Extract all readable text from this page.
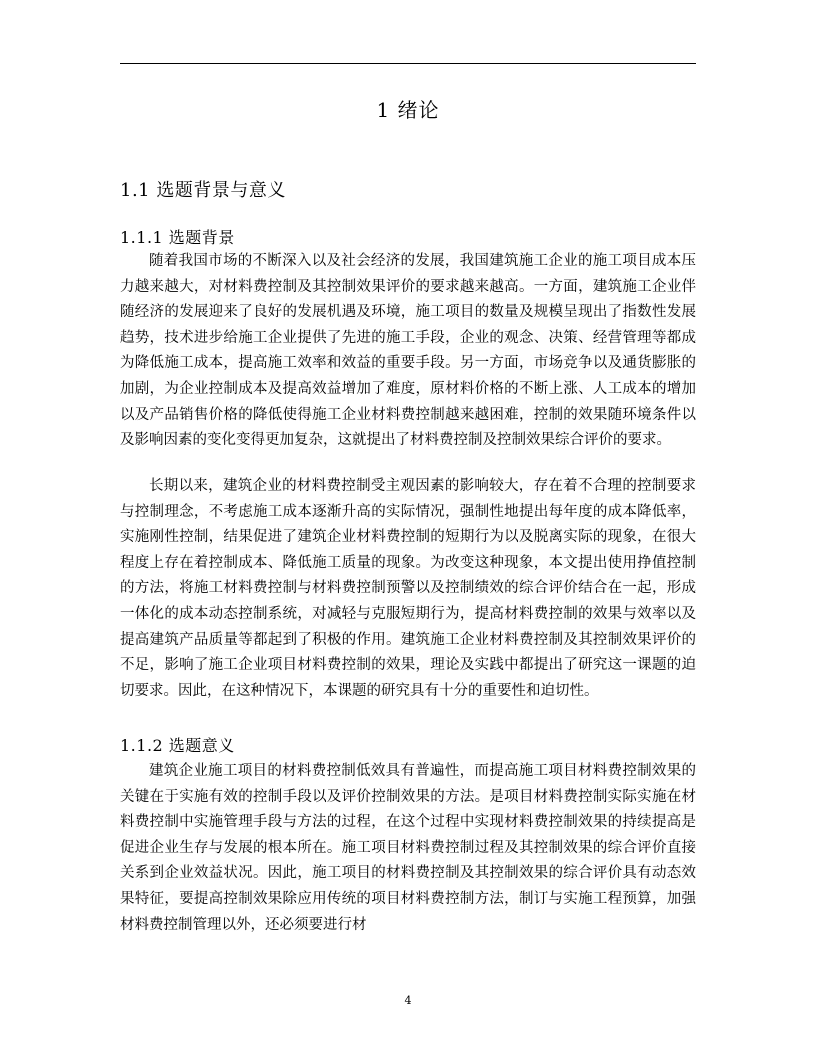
1 绪论
1.1 选题背景与意义
1.1.1 选题背景

随着我国市场的不断深入以及社会经济的发展，我国建筑施工企业的施工项目成本压力越来越大，对材料费控制及其控制效果评价的要求越来越高。一方面，建筑施工企业伴随经济的发展迎来了良好的发展机遇及环境，施工项目的数量及规模呈现出了指数性发展趋势，技术进步给施工企业提供了先进的施工手段，企业的观念、决策、经营管理等都成为降低施工成本，提高施工效率和效益的重要手段。另一方面，市场竞争以及通货膨胀的加剧，为企业控制成本及提高效益增加了难度，原材料价格的不断上涨、人工成本的增加以及产品销售价格的降低使得施工企业材料费控制越来越困难，控制的效果随环境条件以及影响因素的变化变得更加复杂，这就提出了材料费控制及控制效果综合评价的要求。

长期以来，建筑企业的材料费控制受主观因素的影响较大，存在着不合理的控制要求与控制理念，不考虑施工成本逐渐升高的实际情况，强制性地提出每年度的成本降低率，实施刚性控制，结果促进了建筑企业材料费控制的短期行为以及脱离实际的现象，在很大程度上存在着控制成本、降低施工质量的现象。为改变这种现象，本文提出使用挣值控制的方法，将施工材料费控制与材料费控制预警以及控制绩效的综合评价结合在一起，形成一体化的成本动态控制系统，对减轻与克服短期行为，提高材料费控制的效果与效率以及提高建筑产品质量等都起到了积极的作用。建筑施工企业材料费控制及其控制效果评价的不足，影响了施工企业项目材料费控制的效果，理论及实践中都提出了研究这一课题的迫切要求。因此，在这种情况下，本课题的研究具有十分的重要性和迫切性。

1.1.2 选题意义

建筑企业施工项目的材料费控制低效具有普遍性，而提高施工项目材料费控制效果的关键在于实施有效的控制手段以及评价控制效果的方法。是项目材料费控制实际实施在材料费控制中实施管理手段与方法的过程，在这个过程中实现材料费控制效果的持续提高是促进企业生存与发展的根本所在。施工项目材料费控制过程及其控制效果的综合评价直接关系到企业效益状况。因此，施工项目的材料费控制及其控制效果的综合评价具有动态效果特征，要提高控制效果除应用传统的项目材料费控制方法，制订与实施工程预算，加强材料费控制管理以外，还必须要进行材

4
